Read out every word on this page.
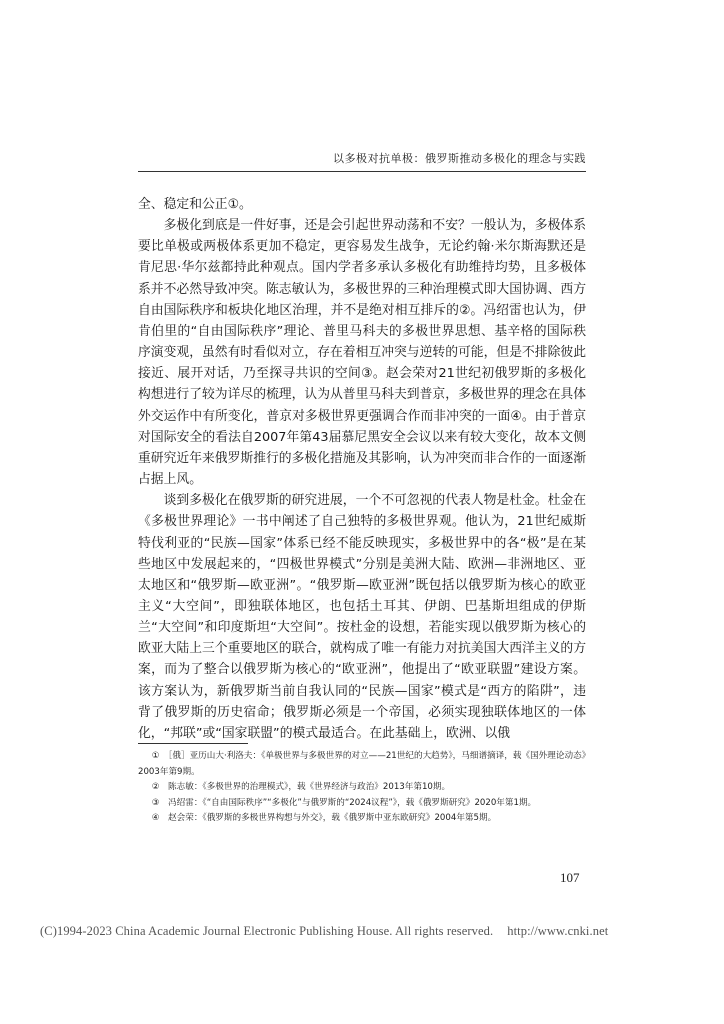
以多极对抗单极：俄罗斯推动多极化的理念与实践

全、稳定和公正①。

多极化到底是一件好事，还是会引起世界动荡和不安？一般认为，多极体系要比单极或两极体系更加不稳定，更容易发生战争，无论约翰·米尔斯海默还是肯尼思·华尔兹都持此种观点。国内学者多承认多极化有助维持均势，且多极体系并不必然导致冲突。陈志敏认为，多极世界的三种治理模式即大国协调、西方自由国际秩序和板块化地区治理，并不是绝对相互排斥的②。冯绍雷也认为，伊肯伯里的“自由国际秩序”理论、普里马科夫的多极世界思想、基辛格的国际秩序演变观，虽然有时看似对立，存在着相互冲突与逆转的可能，但是不排除彼此接近、展开对话，乃至探寻共识的空间③。赵会荣对21世纪初俄罗斯的多极化构想进行了较为详尽的梳理，认为从普里马科夫到普京，多极世界的理念在具体外交运作中有所变化，普京对多极世界更强调合作而非冲突的一面④。由于普京对国际安全的看法自2007年第43届慕尼黑安全会议以来有较大变化，故本文侧重研究近年来俄罗斯推行的多极化措施及其影响，认为冲突而非合作的一面逐渐占据上风。

谈到多极化在俄罗斯的研究进展，一个不可忽视的代表人物是杜金。杜金在《多极世界理论》一书中阐述了自己独特的多极世界观。他认为，21世纪威斯特伐利亚的“民族—国家”体系已经不能反映现实，多极世界中的各“极”是在某些地区中发展起来的，“四极世界模式”分别是美洲大陆、欧洲—非洲地区、亚太地区和“俄罗斯—欧亚洲”。“俄罗斯—欧亚洲”既包括以俄罗斯为核心的欧亚主义“大空间”，即独联体地区，也包括土耳其、伊朗、巴基斯坦组成的伊斯兰“大空间”和印度斯坦“大空间”。按杜金的设想，若能实现以俄罗斯为核心的欧亚大陆上三个重要地区的联合，就构成了唯一有能力对抗美国大西洋主义的方案，而为了整合以俄罗斯为核心的“欧亚洲”，他提出了“欧亚联盟”建设方案。该方案认为，新俄罗斯当前自我认同的“民族—国家”模式是“西方的陷阱”，违背了俄罗斯的历史宿命；俄罗斯必须是一个帝国，必须实现独联体地区的一体化，“邦联”或“国家联盟”的模式最适合。在此基础上，欧洲、以俄

①　［俄］亚历山大·利洛夫：《单极世界与多极世界的对立——21世纪的大趋势》，马细谱摘译，载《国外理论动态》2003年第9期。

②　陈志敏：《多极世界的治理模式》，载《世界经济与政治》2013年第10期。

③　冯绍雷：《“自由国际秩序”“多极化”与俄罗斯的“2024议程”》，载《俄罗斯研究》2020年第1期。

④　赵会荣：《俄罗斯的多极世界构想与外交》，载《俄罗斯中亚东欧研究》2004年第5期。

107
(C)1994-2023 China Academic Journal Electronic Publishing House. All rights reserved. http://www.cnki.net
